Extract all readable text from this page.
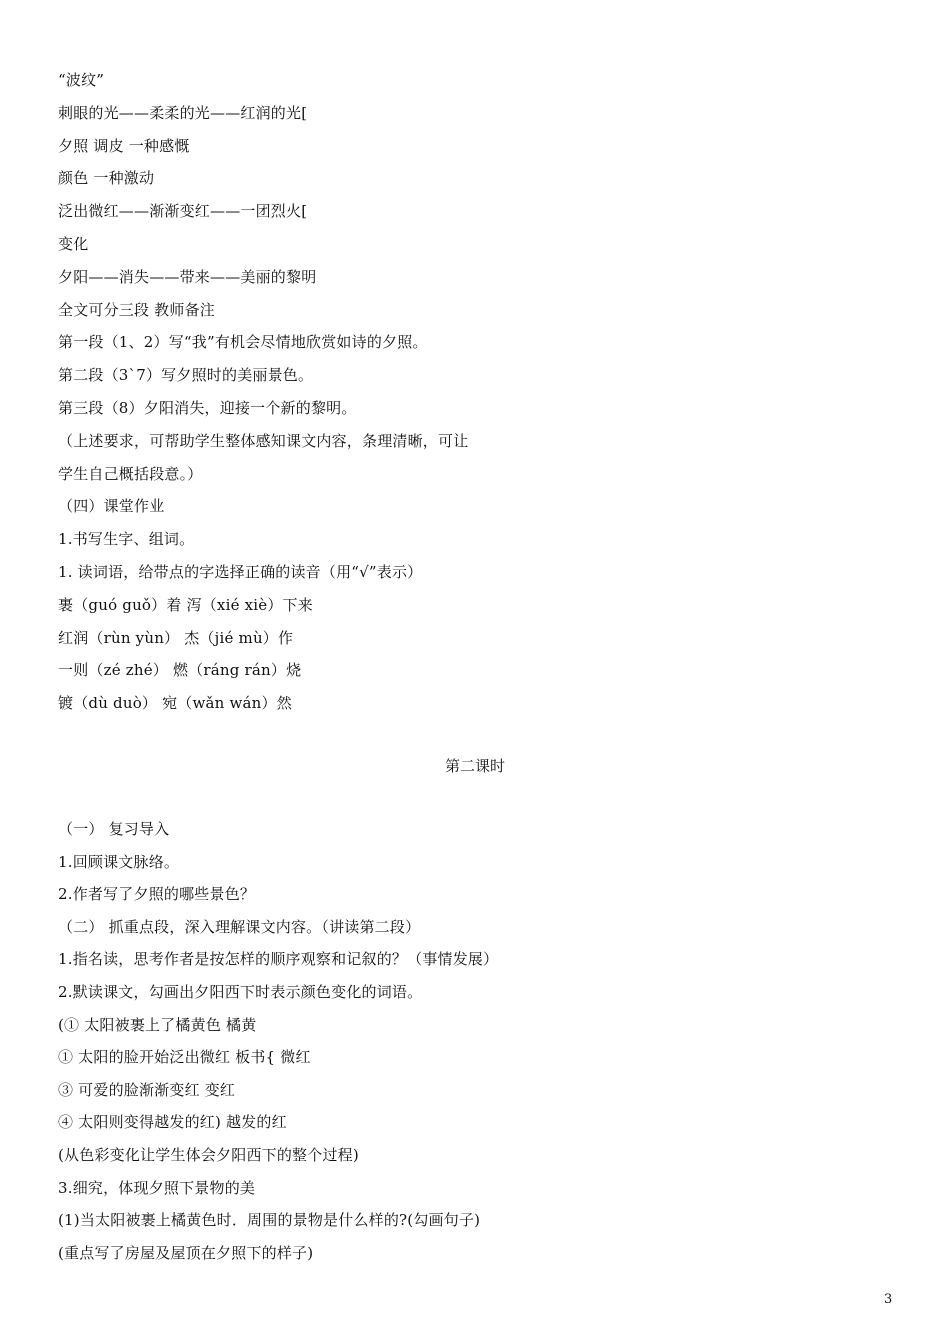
“波纹”
刺眼的光——柔柔的光——红润的光[
夕照 调皮 一种感慨
颜色 一种激动
泛出微红——渐渐变红——一团烈火[
变化
夕阳——消失——带来——美丽的黎明
全文可分三段 教师备注
第一段（1、2）写“我”有机会尽情地欣赏如诗的夕照。
第二段（3`7）写夕照时的美丽景色。
第三段（8）夕阳消失，迎接一个新的黎明。
（上述要求，可帮助学生整体感知课文内容，条理清晰，可让
学生自己概括段意。）
（四）课堂作业
1.书写生字、组词。
1. 读词语，给带点的字选择正确的读音（用“√”表示）
裹（guó guǒ）着 泻（xié xiè）下来
红润（rùn yùn） 杰（jié mù）作
一则（zé zhé） 燃（ráng rán）烧
镀（dù duò） 宛（wǎn wán）然
第二课时
（一） 复习导入
1.回顾课文脉络。
2.作者写了夕照的哪些景色？
（二） 抓重点段，深入理解课文内容。（讲读第二段）
1.指名读，思考作者是按怎样的顺序观察和记叙的？（事情发展）
2.默读课文，勾画出夕阳西下时表示颜色变化的词语。
(① 太阳被裹上了橘黄色 橘黄
① 太阳的脸开始泛出微红 板书{ 微红
③ 可爱的脸渐渐变红 变红
④ 太阳则变得越发的红) 越发的红
(从色彩变化让学生体会夕阳西下的整个过程)
3.细究，体现夕照下景物的美
(1)当太阳被裹上橘黄色时．周围的景物是什么样的?(勾画句子)
(重点写了房屋及屋顶在夕照下的样子)
3
